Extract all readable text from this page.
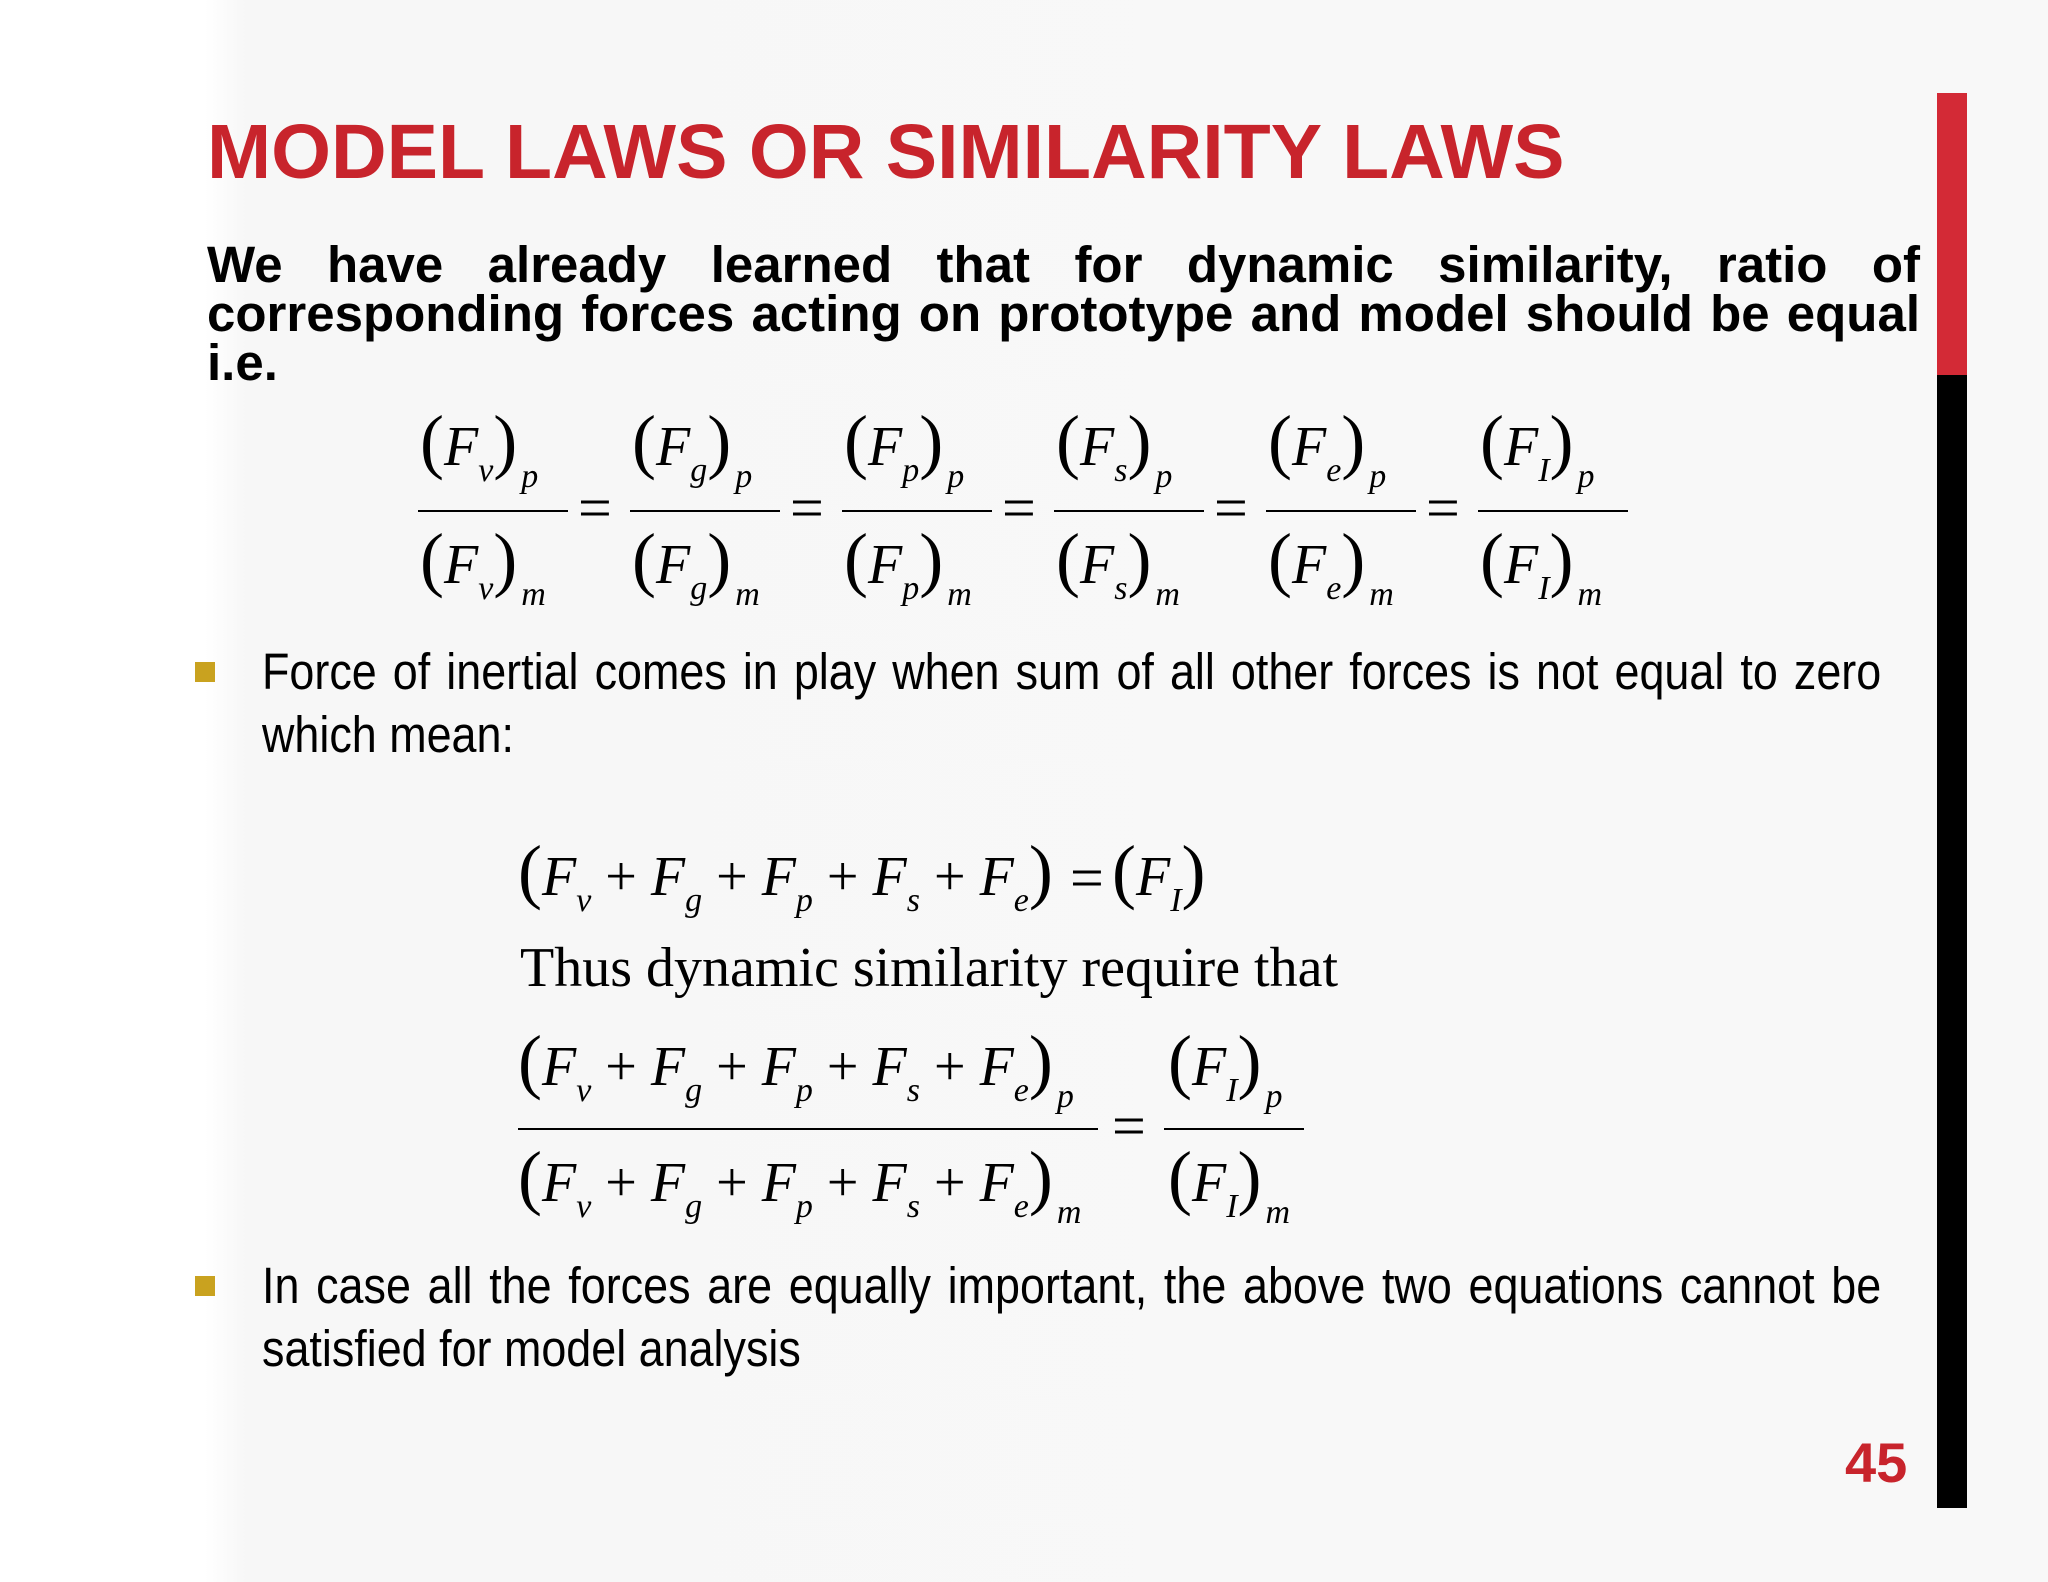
MODEL LAWS OR SIMILARITY LAWS

We have already learned that for dynamic similarity, ratio of corresponding forces acting on prototype and model should be equal i.e.

(Fv) p
(Fv) m
=
(Fg) p
(Fg) m
=
(Fp) p
(Fp) m
=
(Fs) p
(Fs) m
=
(Fe) p
(Fe) m
=
(FI) p
(FI) m

Force of inertial comes in play when sum of all other forces is not equal to zero which mean:

(Fv + Fg + Fp + Fs + Fe) = (FI)

Thus dynamic similarity require that

(Fv + Fg + Fp + Fs + Fe) p
(Fv + Fg + Fp + Fs + Fe) m
=
(FI) p
(FI) m

In case all the forces are equally important, the above two equations cannot be satisfied for model analysis

45
